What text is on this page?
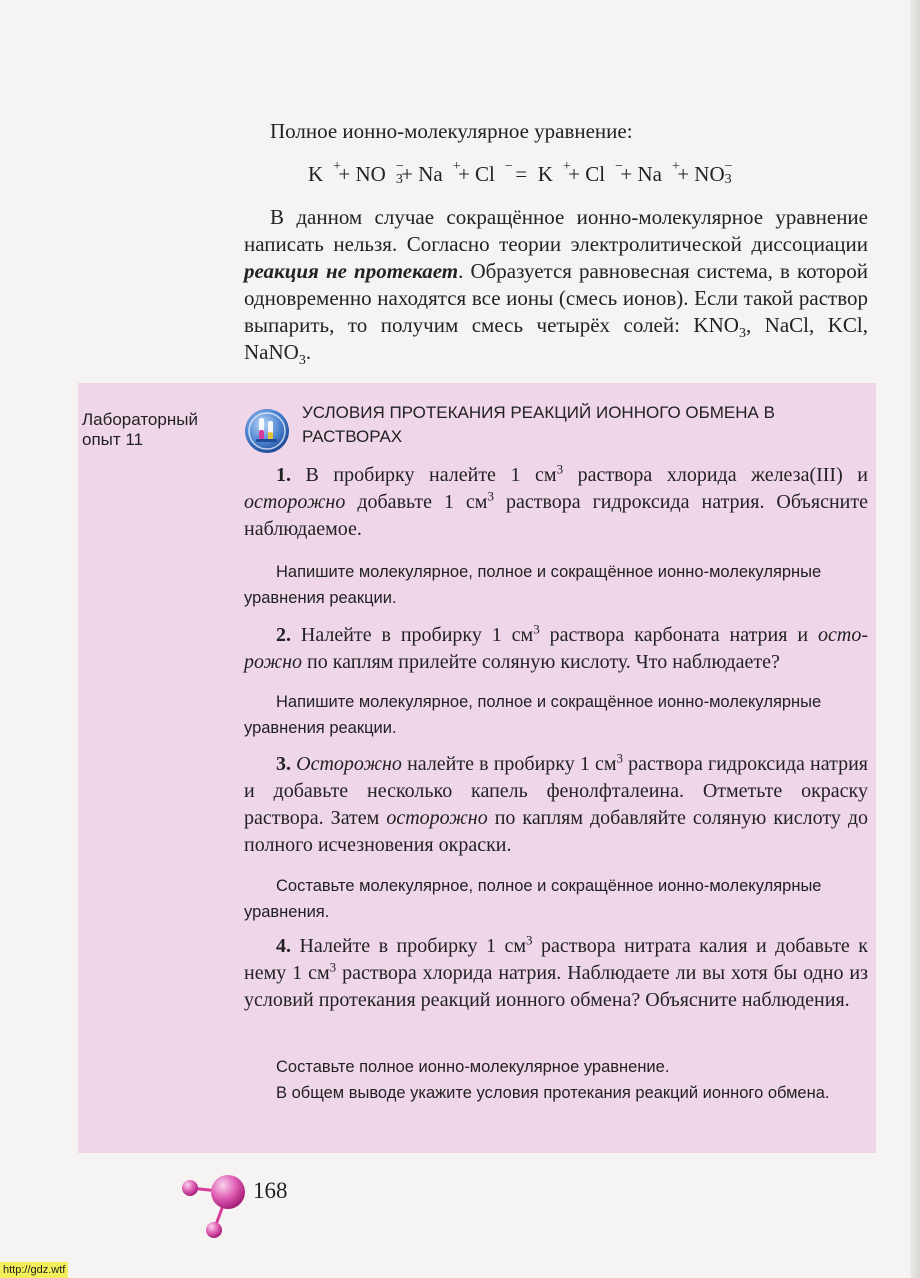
Полное ионно-молекулярное уравнение:
K +
+ NO −
3
+ Na +
+ Cl − = K +
+ Cl −
+ Na +
+ NO −
3
В данном случае сокращённое ионно-молекулярное уравнение написать нельзя. Согласно теории электролитической диссоциации реакция не протекает. Образуется равновесная система, в которой одновременно находятся все ионы (смесь ионов). Если такой раствор выпарить, то получим смесь четырёх солей: $KNO_3$, NaCl, KCl, NaNO$_3$.
Лабораторный опыт 11
УСЛОВИЯ ПРОТЕКАНИЯ РЕАКЦИЙ ИОННОГО ОБМЕНА В РАСТВОРАХ
1. В пробирку налейте 1 $см^3$ раствора хлорида железа(III) и осторожно добавьте 1 $см^3$ раствора гидроксида натрия. Объясните наблюдаемое.
Напишите молекулярное, полное и сокращённое ионно-молекулярные уравнения реакции.
2. Налейте в пробирку 1 $см^3$ раствора карбоната натрия и осторожно по каплям прилейте соляную кислоту. Что наблюдаете?
Напишите молекулярное, полное и сокращённое ионно-молекулярные уравнения реакции.
3. Осторожно налейте в пробирку 1 $см^3$ раствора гидроксида натрия и добавьте несколько капель фенолфталеина. Отметьте окраску раствора. Затем осторожно по каплям добавляйте соляную кислоту до полного исчезновения окраски.
Составьте молекулярное, полное и сокращённое ионно-молекулярные уравнения.
4. Налейте в пробирку 1 $см^3$ раствора нитрата калия и добавьте к нему 1 $см^3$ раствора хлорида натрия. Наблюдаете ли вы хотя бы одно из условий протекания реакций ионного обмена? Объясните наблюдения.
Составьте полное ионно-молекулярное уравнение.
В общем выводе укажите условия протекания реакций ионного обмена.
168
http://gdz.wtf
